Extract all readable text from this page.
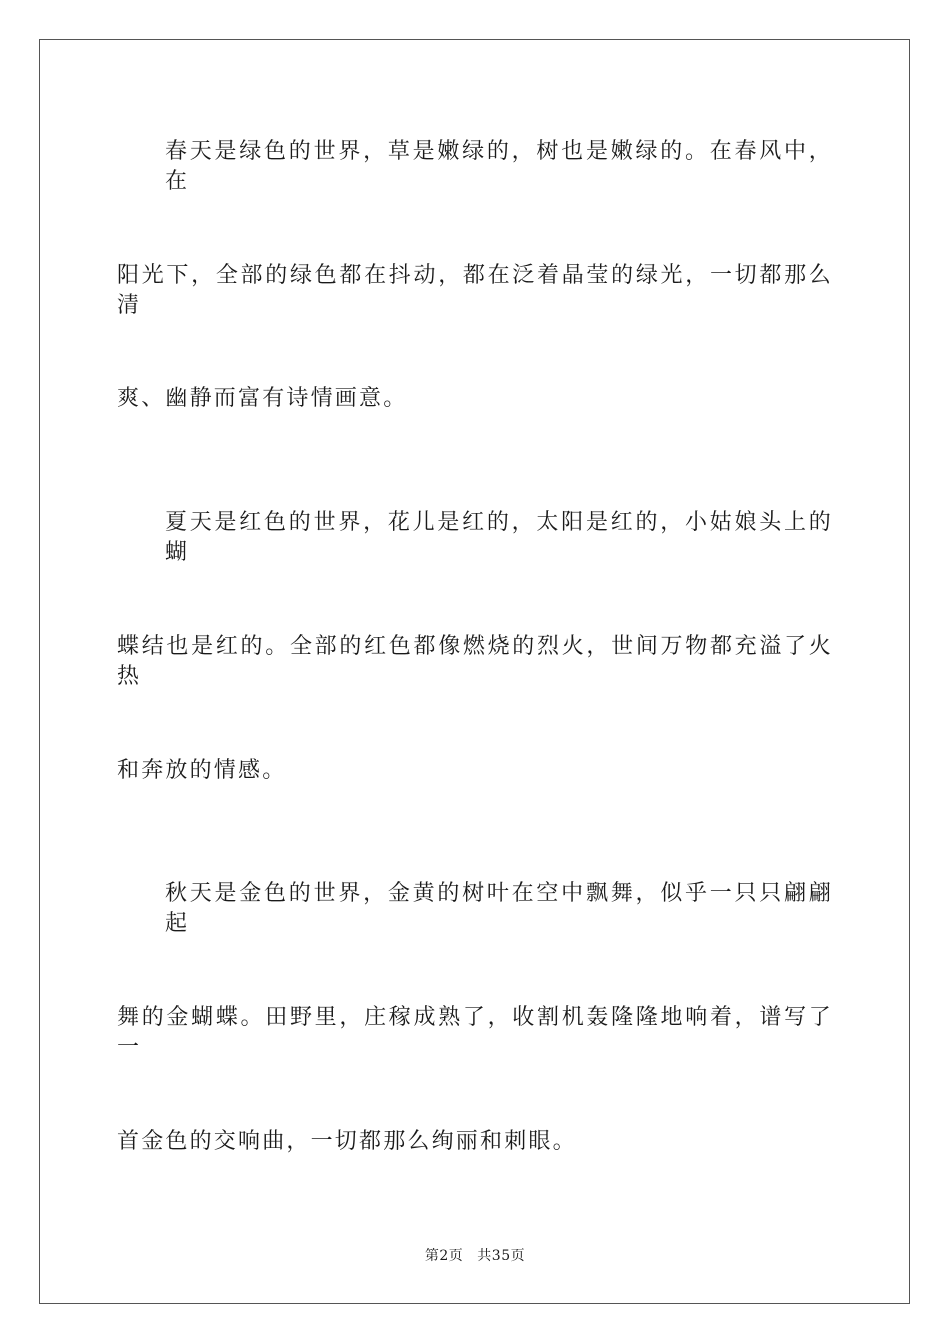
春天是绿色的世界，草是嫩绿的，树也是嫩绿的。在春风中，在
阳光下，全部的绿色都在抖动，都在泛着晶莹的绿光，一切都那么清
爽、幽静而富有诗情画意。
夏天是红色的世界，花儿是红的，太阳是红的，小姑娘头上的蝴
蝶结也是红的。全部的红色都像燃烧的烈火，世间万物都充溢了火热
和奔放的情感。
秋天是金色的世界，金黄的树叶在空中飘舞，似乎一只只翩翩起
舞的金蝴蝶。田野里，庄稼成熟了，收割机轰隆隆地响着，谱写了一
首金色的交响曲，一切都那么绚丽和刺眼。
第2页 共35页
